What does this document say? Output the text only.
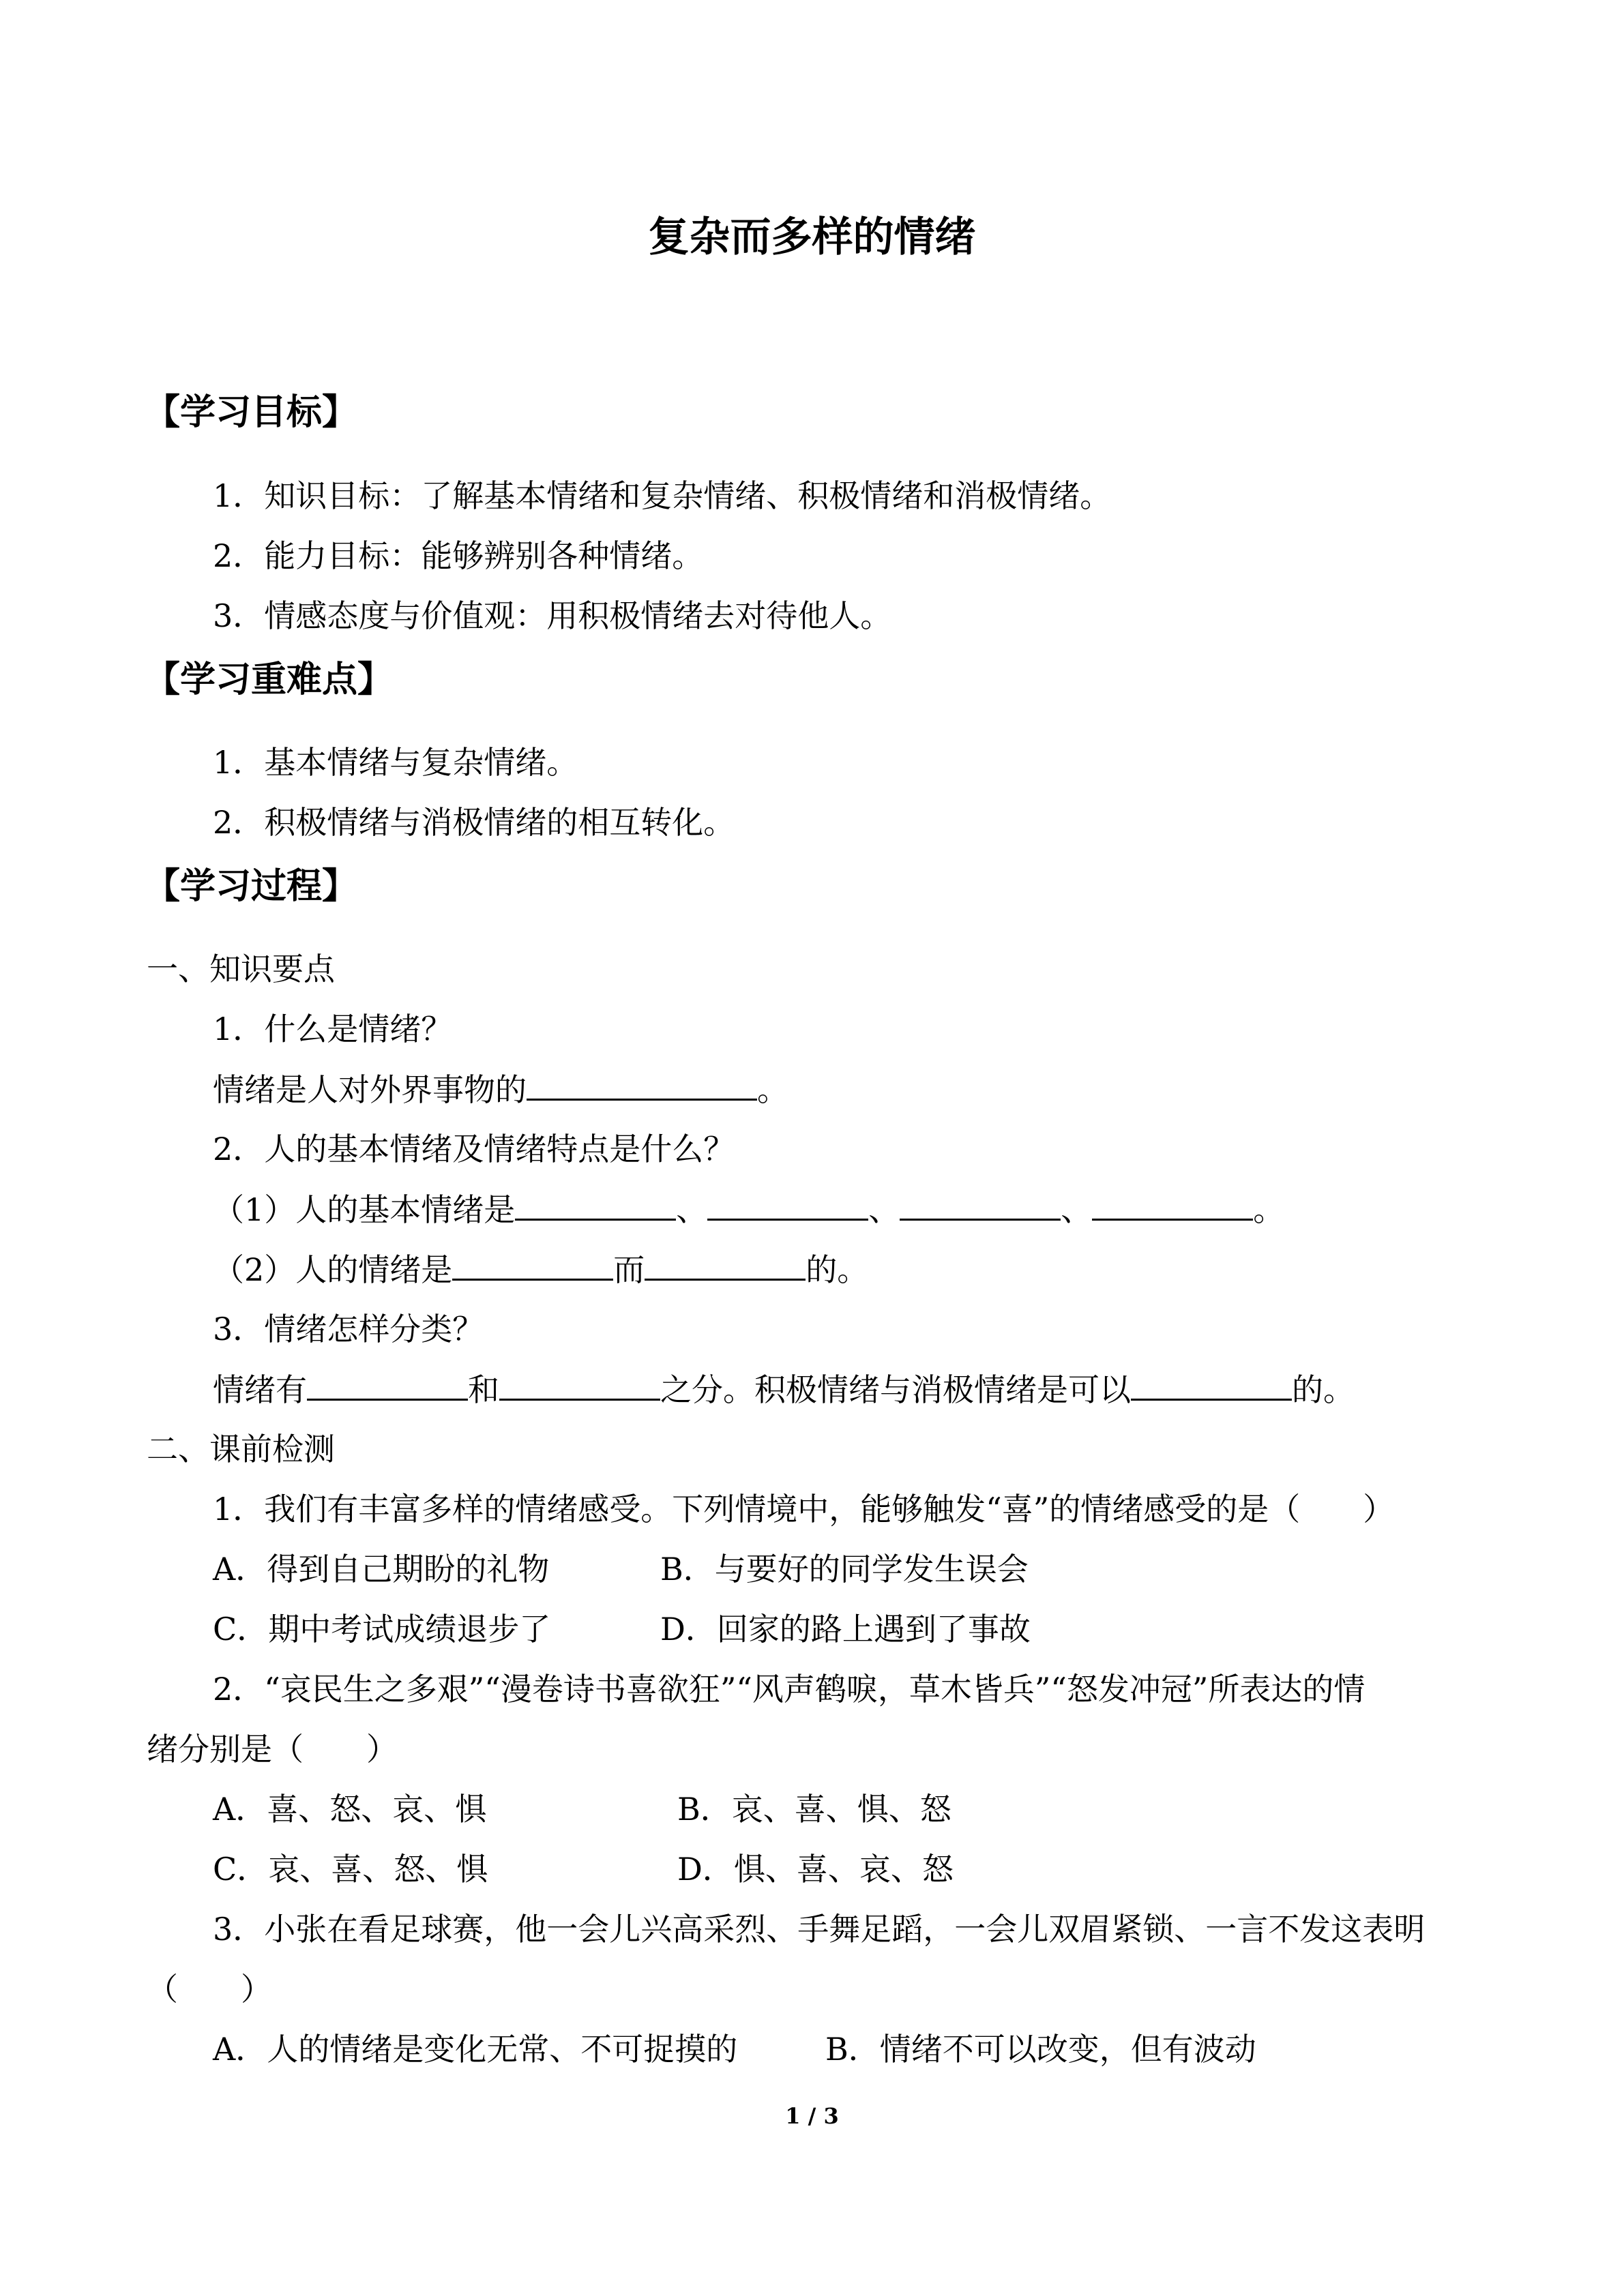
复杂而多样的情绪
【学习目标】
1．知识目标：了解基本情绪和复杂情绪、积极情绪和消极情绪。
2．能力目标：能够辨别各种情绪。
3．情感态度与价值观：用积极情绪去对待他人。
【学习重难点】
1．基本情绪与复杂情绪。
2．积极情绪与消极情绪的相互转化。
【学习过程】
一、知识要点
1．什么是情绪？
情绪是人对外界事物的	。
2．人的基本情绪及情绪特点是什么？
（1）人的基本情绪是	、	、	、	。
（2）人的情绪是	而	的。
3．情绪怎样分类？
情绪有	和	之分。积极情绪与消极情绪是可以	的。
二、课前检测
1．我们有丰富多样的情绪感受。下列情境中，能够触发“喜”的情绪感受的是（　　）
A．得到自己期盼的礼物	B．与要好的同学发生误会
C．期中考试成绩退步了	D．回家的路上遇到了事故
2．“哀民生之多艰”“漫卷诗书喜欲狂”“风声鹤唳，草木皆兵”“怒发冲冠”所表达的情
绪分别是（　　）
A．喜、怒、哀、惧	B．哀、喜、惧、怒
C．哀、喜、怒、惧	D．惧、喜、哀、怒
3．小张在看足球赛，他一会儿兴高采烈、手舞足蹈，一会儿双眉紧锁、一言不发这表明
（　　）
A．人的情绪是变化无常、不可捉摸的	B．情绪不可以改变，但有波动
1 / 3
